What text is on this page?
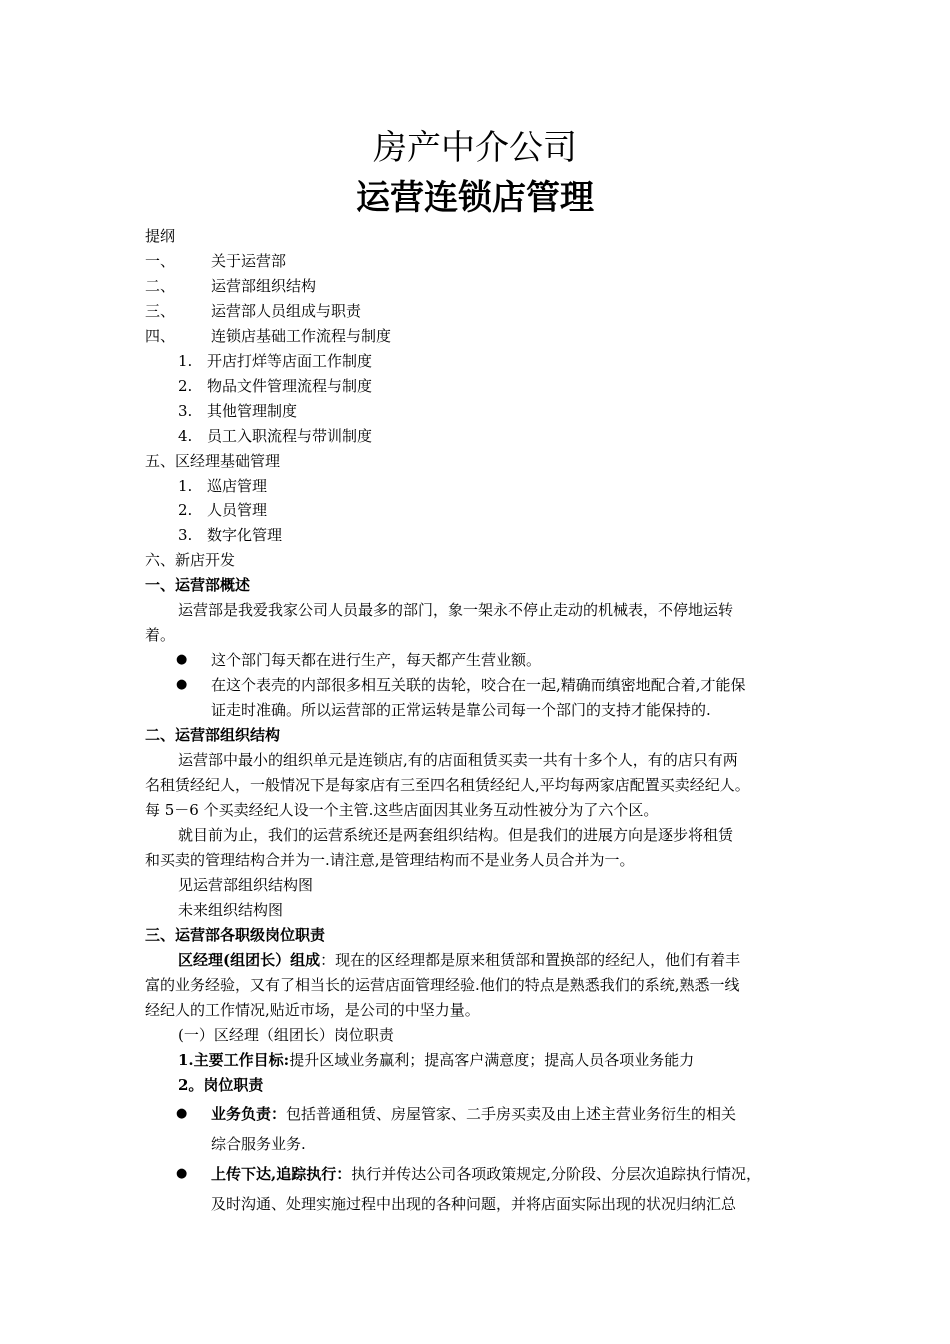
房产中介公司
运营连锁店管理
提纲
一、 关于运营部
二、 运营部组织结构
三、 运营部人员组成与职责
四、 连锁店基础工作流程与制度
1. 开店打烊等店面工作制度
2. 物品文件管理流程与制度
3. 其他管理制度
4. 员工入职流程与带训制度
五、区经理基础管理
1. 巡店管理
2. 人员管理
3. 数字化管理
六、新店开发
一、运营部概述
运营部是我爱我家公司人员最多的部门，象一架永不停止走动的机械表，不停地运转
着。
● 这个部门每天都在进行生产，每天都产生营业额。
● 在这个表壳的内部很多相互关联的齿轮，咬合在一起,精确而缜密地配合着,才能保
证走时准确。所以运营部的正常运转是靠公司每一个部门的支持才能保持的.
二、运营部组织结构
运营部中最小的组织单元是连锁店,有的店面租赁买卖一共有十多个人，有的店只有两
名租赁经纪人，一般情况下是每家店有三至四名租赁经纪人,平均每两家店配置买卖经纪人。
每 5－6 个买卖经纪人设一个主管.这些店面因其业务互动性被分为了六个区。
就目前为止，我们的运营系统还是两套组织结构。但是我们的进展方向是逐步将租赁
和买卖的管理结构合并为一.请注意,是管理结构而不是业务人员合并为一。
见运营部组织结构图
未来组织结构图
三、运营部各职级岗位职责
区经理(组团长）组成：现在的区经理都是原来租赁部和置换部的经纪人，他们有着丰
富的业务经验，又有了相当长的运营店面管理经验.他们的特点是熟悉我们的系统,熟悉一线
经纪人的工作情况,贴近市场，是公司的中坚力量。
(一）区经理（组团长）岗位职责
1.主要工作目标:提升区域业务赢利；提高客户满意度；提高人员各项业务能力
2。岗位职责
● 业务负责：包括普通租赁、房屋管家、二手房买卖及由上述主营业务衍生的相关
综合服务业务.
● 上传下达,追踪执行：执行并传达公司各项政策规定,分阶段、分层次追踪执行情况，
及时沟通、处理实施过程中出现的各种问题，并将店面实际出现的状况归纳汇总
